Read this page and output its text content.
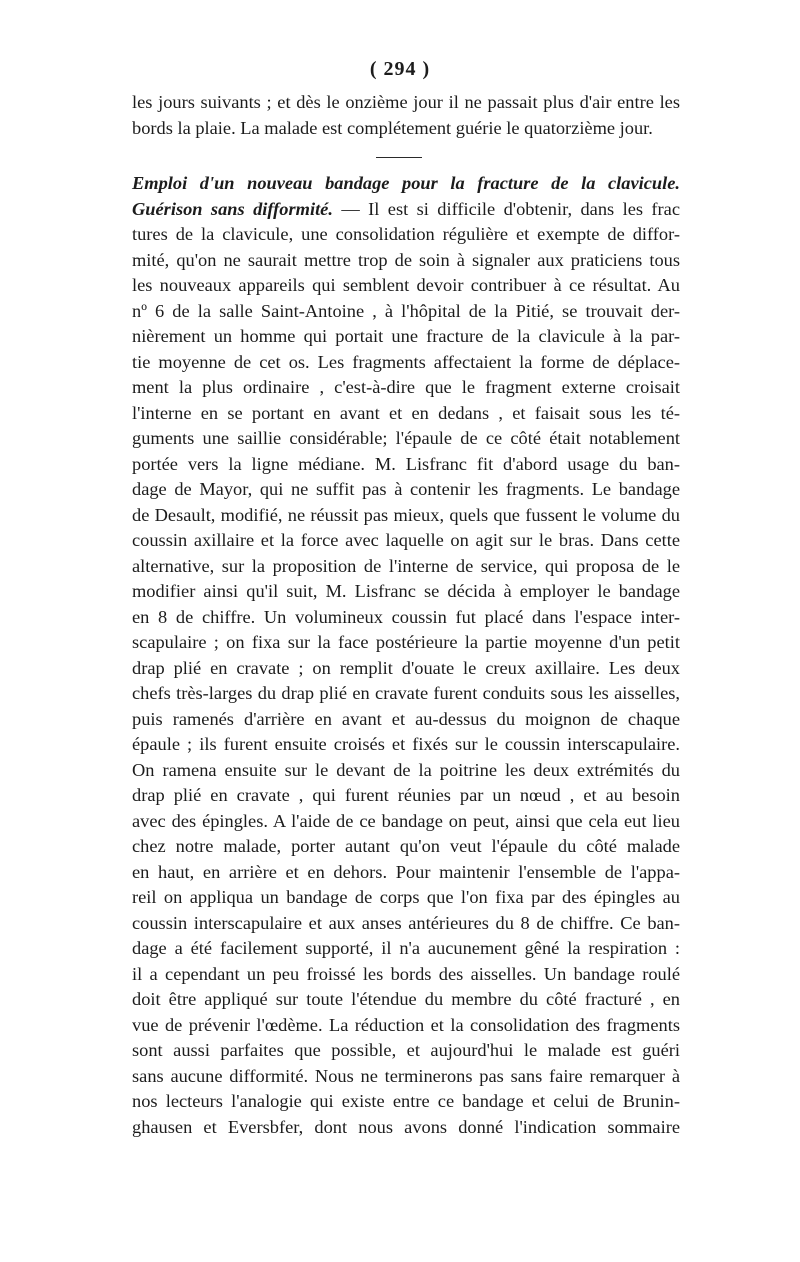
( 294 )
les jours suivants ; et dès le onzième jour il ne passait plus d'air entre les
bords la plaie. La malade est complétement guérie le quatorzième jour.
Emploi d'un nouveau bandage pour la fracture de la clavicule.
Guérison sans difformité. — Il est si difficile d'obtenir, dans les frac
tures de la clavicule, une consolidation régulière et exempte de diffor-
mité, qu'on ne saurait mettre trop de soin à signaler aux praticiens tous
les nouveaux appareils qui semblent devoir contribuer à ce résultat. Au
nº 6 de la salle Saint-Antoine , à l'hôpital de la Pitié, se trouvait der-
nièrement un homme qui portait une fracture de la clavicule à la par-
tie moyenne de cet os. Les fragments affectaient la forme de déplace-
ment la plus ordinaire , c'est-à-dire que le fragment externe croisait
l'interne en se portant en avant et en dedans , et faisait sous les té-
guments une saillie considérable; l'épaule de ce côté était notablement
portée vers la ligne médiane. M. Lisfranc fit d'abord usage du ban-
dage de Mayor, qui ne suffit pas à contenir les fragments. Le bandage
de Desault, modifié, ne réussit pas mieux, quels que fussent le volume du
coussin axillaire et la force avec laquelle on agit sur le bras. Dans cette
alternative, sur la proposition de l'interne de service, qui proposa de le
modifier ainsi qu'il suit, M. Lisfranc se décida à employer le bandage
en 8 de chiffre. Un volumineux coussin fut placé dans l'espace inter-
scapulaire ; on fixa sur la face postérieure la partie moyenne d'un petit
drap plié en cravate ; on remplit d'ouate le creux axillaire. Les deux
chefs très-larges du drap plié en cravate furent conduits sous les aisselles,
puis ramenés d'arrière en avant et au-dessus du moignon de chaque
épaule ; ils furent ensuite croisés et fixés sur le coussin interscapulaire.
On ramena ensuite sur le devant de la poitrine les deux extrémités du
drap plié en cravate , qui furent réunies par un nœud , et au besoin
avec des épingles. A l'aide de ce bandage on peut, ainsi que cela eut lieu
chez notre malade, porter autant qu'on veut l'épaule du côté malade
en haut, en arrière et en dehors. Pour maintenir l'ensemble de l'appa-
reil on appliqua un bandage de corps que l'on fixa par des épingles au
coussin interscapulaire et aux anses antérieures du 8 de chiffre. Ce ban-
dage a été facilement supporté, il n'a aucunement gêné la respiration :
il a cependant un peu froissé les bords des aisselles. Un bandage roulé
doit être appliqué sur toute l'étendue du membre du côté fracturé , en
vue de prévenir l'œdème. La réduction et la consolidation des fragments
sont aussi parfaites que possible, et aujourd'hui le malade est guéri
sans aucune difformité. Nous ne terminerons pas sans faire remarquer à
nos lecteurs l'analogie qui existe entre ce bandage et celui de Brunin-
ghausen et Eversbfer, dont nous avons donné l'indication sommaire
